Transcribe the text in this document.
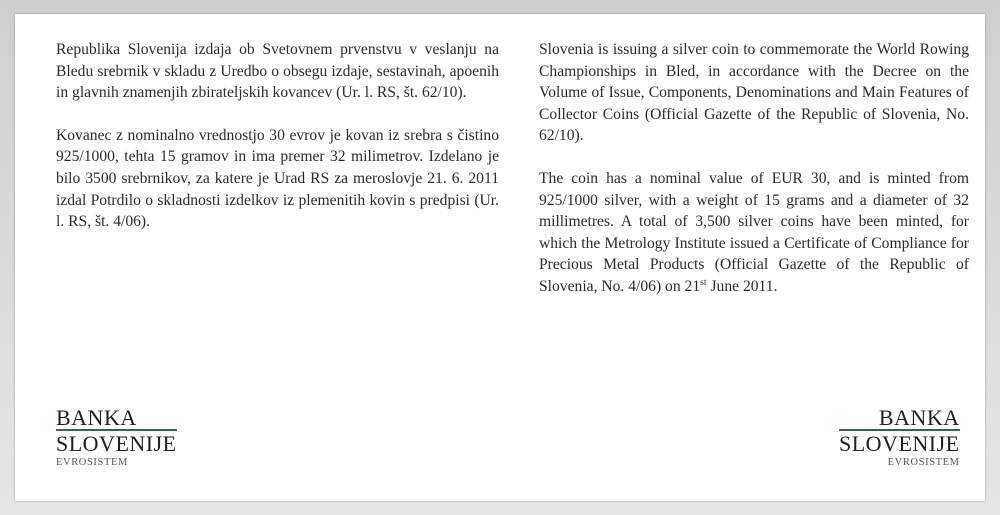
Republika Slovenija izdaja ob Svetovnem prvenstvu v veslanju na Bledu srebrnik v skladu z Uredbo o obsegu izdaje, sestavinah, apoenih in glavnih znamenjih zbirateljskih kovancev (Ur. l. RS, št. 62/10).

Kovanec z nominalno vrednostjo 30 evrov je kovan iz srebra s čistino 925/1000, tehta 15 gramov in ima premer 32 milimetrov. Izdelano je bilo 3500 srebrnikov, za katere je Urad RS za meroslovje 21. 6. 2011 izdal Potrdilo o skladnosti izdelkov iz plemenitih kovin s predpisi (Ur. l. RS, št. 4/06).

Slovenia is issuing a silver coin to commemorate the World Rowing Championships in Bled, in accordance with the Decree on the Volume of Issue, Components, Denominations and Main Features of Collector Coins (Official Gazette of the Republic of Slovenia, No. 62/10).

The coin has a nominal value of EUR 30, and is minted from 925/1000 silver, with a weight of 15 grams and a diameter of 32 millimetres. A total of 3,500 silver coins have been minted, for which the Metrology Institute issued a Certificate of Compliance for Precious Metal Products (Official Gazette of the Republic of Slovenia, No. 4/06) on 21st June 2011.

BANKA
SLOVENIJE
EVROSISTEM
BANKA
SLOVENIJE
EVROSISTEM
